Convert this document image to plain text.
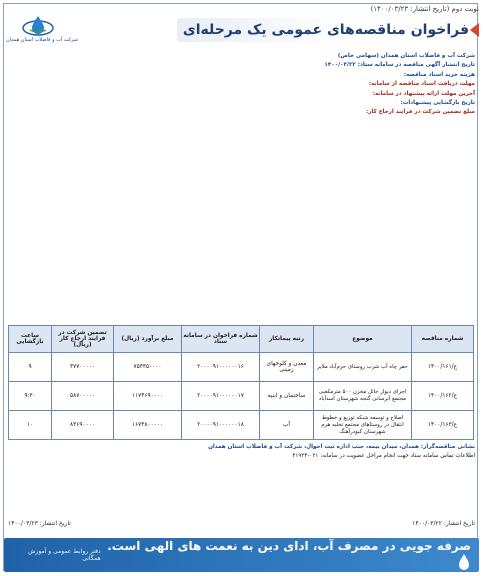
نوبت دوم (تاریخ انتشار: ۱۴۰۰/۰۳/۲۳)
شرکت آب و فاضلاب استان همدان
فراخوان مناقصه‌های عمومی یک مرحله‌ای

شرکت آب و فاضلاب استان همدان (سهامی خاص)

تاریخ انتشار آگهی مناقصه در سامانه ستاد: ۱۴۰۰/۰۳/۲۲

هزینه خرید اسناد مناقصه:

مهلت دریافت اسناد مناقصه از سامانه:

آخرین مهلت ارائه پیشنهاد در سامانه:

تاریخ بازگشایی پیشنهادات:

مبلغ تضمین شرکت در فرایند ارجاع کار:

شماره مناقصه	موضوع	رتبه پیمانکار	شماره فراخوان در سامانه ستاد	مبلغ برآورد (ریال)	تضمین شرکت در فرایند ارجاع کار (ریال)	ساعت بازگشایی
ع/۱۴۰۰/۱۶۱	حفر چاه آب شرب روستای حرم‌آباد ملایر	معدن و کلوخهای زمینی	۲۰۰۰۰۹۱۰۰۰۰۰۰۱۶	۷۵۳۳۵۰۰۰۰	۳۷۷۰۰۰۰۰	۹
ع/۱۴۰۰/۱۶۲	اجرای دیوار حائل مخزن ۵۰۰ مترمکعبی مجتمع آبرسانی گنجه شهرستان اسدآباد	ساختمان و ابنیه	۲۰۰۰۰۹۱۰۰۰۰۰۰۱۷	۱۱۷۴۶۹۰۰۰۰	۵۸۷۰۰۰۰۰	۹:۳۰
ع/۱۴۰۰/۱۶۳	اصلاح و توسعه شبکه توزیع و خطوط انتقال در روستاهای مجتمع تخلیه هرم شهرستان کبودرآهنگ	آب	۲۰۰۰۰۹۱۰۰۰۰۰۰۱۸	۱۶۷۳۸۰۰۰۰۰	۸۳۶۹۰۰۰۰	۱۰

نشانی مناقصه‌گزار: همدان، میدان بیمه، جنب اداره ثبت احوال، شرکت آب و فاضلاب استان همدان

اطلاعات تماس سامانه ستاد جهت انجام مراحل عضویت در سامانه: ۰۲۱-۴۱۹۳۴

تاریخ انتشار: ۱۴۰۰/۰۳/۲۲
تاریخ انتشار: ۱۴۰۰/۰۳/۲۳
دفتر روابط عمومی و آموزش همگانی
صرفه جویی در مصرف آب، ادای دین به نعمت های الهی است.
